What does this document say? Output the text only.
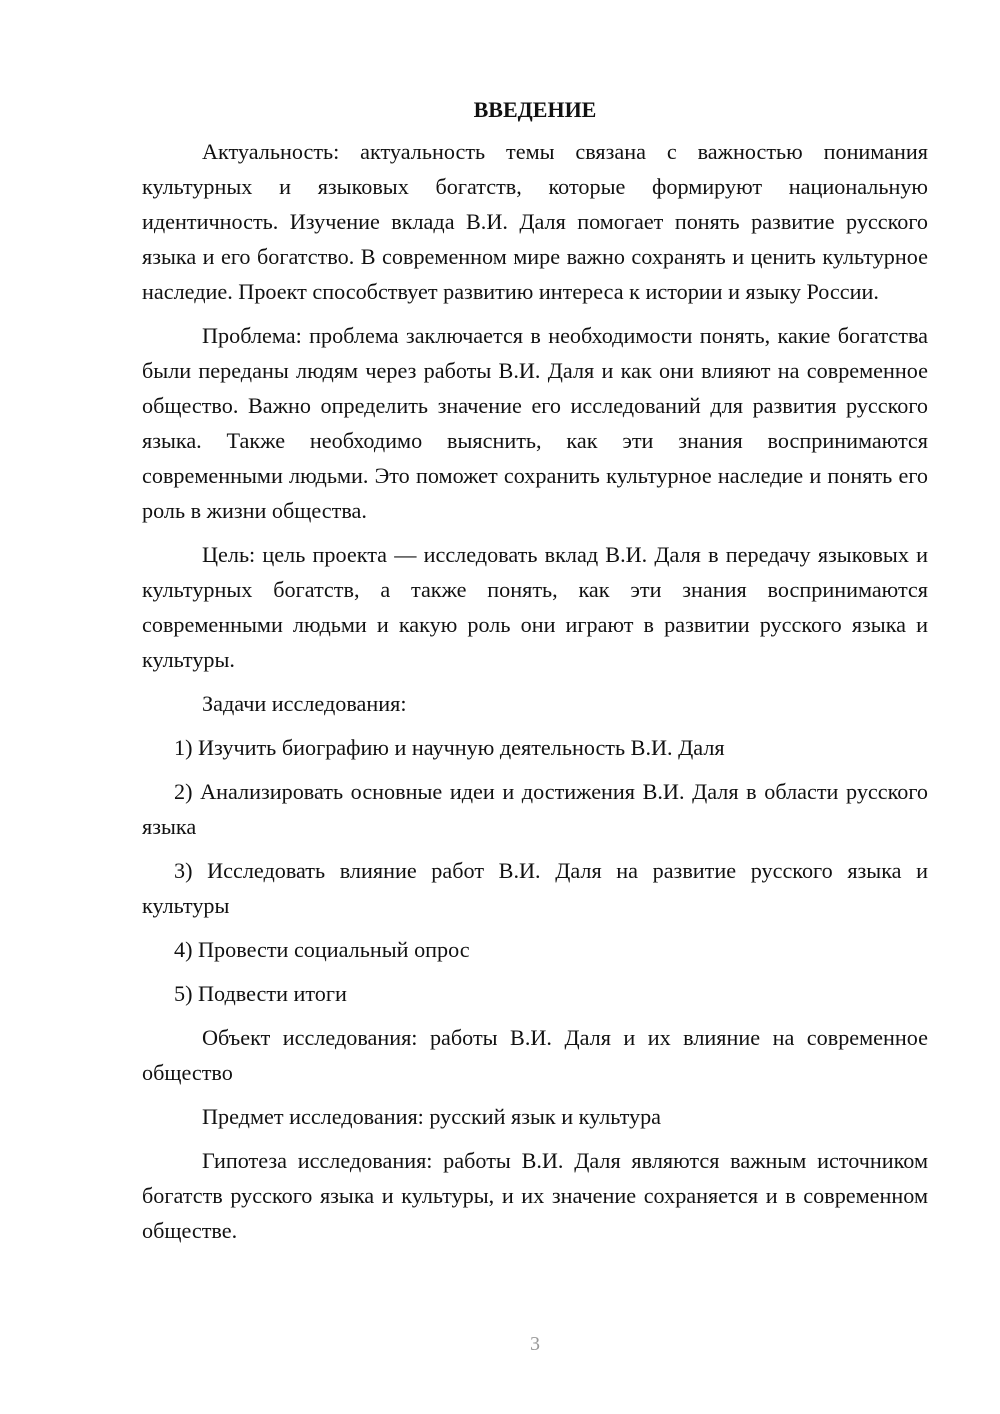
ВВЕДЕНИЕ

Актуальность: актуальность темы связана с важностью понимания культурных и языковых богатств, которые формируют национальную идентичность. Изучение вклада В.И. Даля помогает понять развитие русского языка и его богатство. В современном мире важно сохранять и ценить культурное наследие. Проект способствует развитию интереса к истории и языку России.

Проблема: проблема заключается в необходимости понять, какие богатства были переданы людям через работы В.И. Даля и как они влияют на современное общество. Важно определить значение его исследований для развития русского языка. Также необходимо выяснить, как эти знания воспринимаются современными людьми. Это поможет сохранить культурное наследие и понять его роль в жизни общества.

Цель: цель проекта — исследовать вклад В.И. Даля в передачу языковых и культурных богатств, а также понять, как эти знания воспринимаются современными людьми и какую роль они играют в развитии русского языка и культуры.

Задачи исследования:

1) Изучить биографию и научную деятельность В.И. Даля

2) Анализировать основные идеи и достижения В.И. Даля в области русского языка

3) Исследовать влияние работ В.И. Даля на развитие русского языка и культуры

4) Провести социальный опрос

5) Подвести итоги

Объект исследования: работы В.И. Даля и их влияние на современное общество

Предмет исследования: русский язык и культура

Гипотеза исследования: работы В.И. Даля являются важным источником богатств русского языка и культуры, и их значение сохраняется и в современном обществе.

3
